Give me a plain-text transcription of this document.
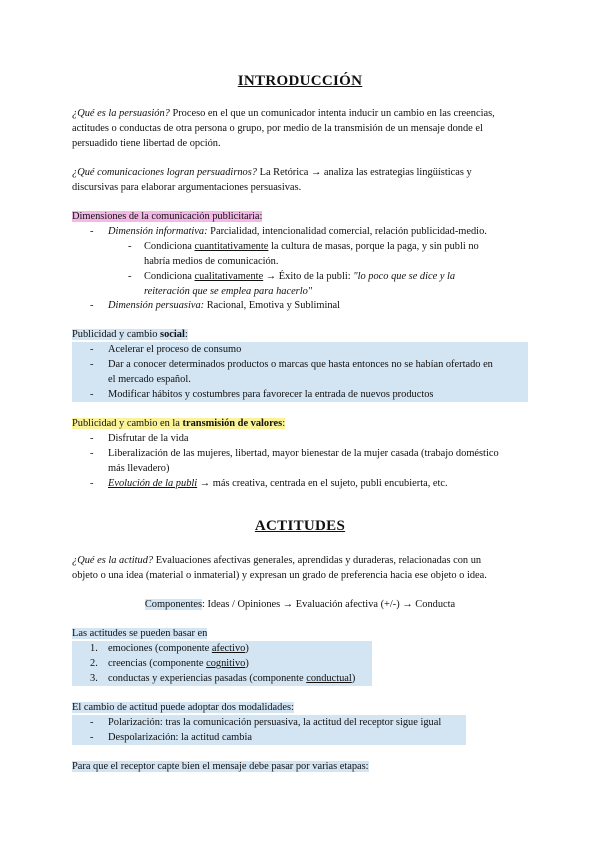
INTRODUCCIÓN
¿Qué es la persuasión? Proceso en el que un comunicador intenta inducir un cambio en las creencias,
actitudes o conductas de otra persona o grupo, por medio de la transmisión de un mensaje donde el
persuadido tiene libertad de opción.
¿Qué comunicaciones logran persuadirnos? La Retórica → analiza las estrategias lingüísticas y
discursivas para elaborar argumentaciones persuasivas.
Dimensiones de la comunicación publicitaria:
- Dimensión informativa: Parcialidad, intencionalidad comercial, relación publicidad-medio.
- Condiciona cuantitativamente la cultura de masas, porque la paga, y sin publi no
habría medios de comunicación.
- Condiciona cualitativamente → Éxito de la publi: "lo poco que se dice y la
reiteración que se emplea para hacerlo"
- Dimensión persuasiva: Racional, Emotiva y Subliminal
Publicidad y cambio social:
- Acelerar el proceso de consumo
- Dar a conocer determinados productos o marcas que hasta entonces no se habían ofertado en
el mercado español.
- Modificar hábitos y costumbres para favorecer la entrada de nuevos productos
Publicidad y cambio en la transmisión de valores:
- Disfrutar de la vida
- Liberalización de las mujeres, libertad, mayor bienestar de la mujer casada (trabajo doméstico
más llevadero)
- Evolución de la publi → más creativa, centrada en el sujeto, publi encubierta, etc.
ACTITUDES
¿Qué es la actitud? Evaluaciones afectivas generales, aprendidas y duraderas, relacionadas con un
objeto o una idea (material o inmaterial) y expresan un grado de preferencia hacia ese objeto o idea.
Componentes: Ideas / Opiniones → Evaluación afectiva (+/-) → Conducta
Las actitudes se pueden basar en
1. emociones (componente afectivo)
2. creencias (componente cognitivo)
3. conductas y experiencias pasadas (componente conductual)
El cambio de actitud puede adoptar dos modalidades:
- Polarización: tras la comunicación persuasiva, la actitud del receptor sigue igual
- Despolarización: la actitud cambia
Para que el receptor capte bien el mensaje debe pasar por varias etapas:
